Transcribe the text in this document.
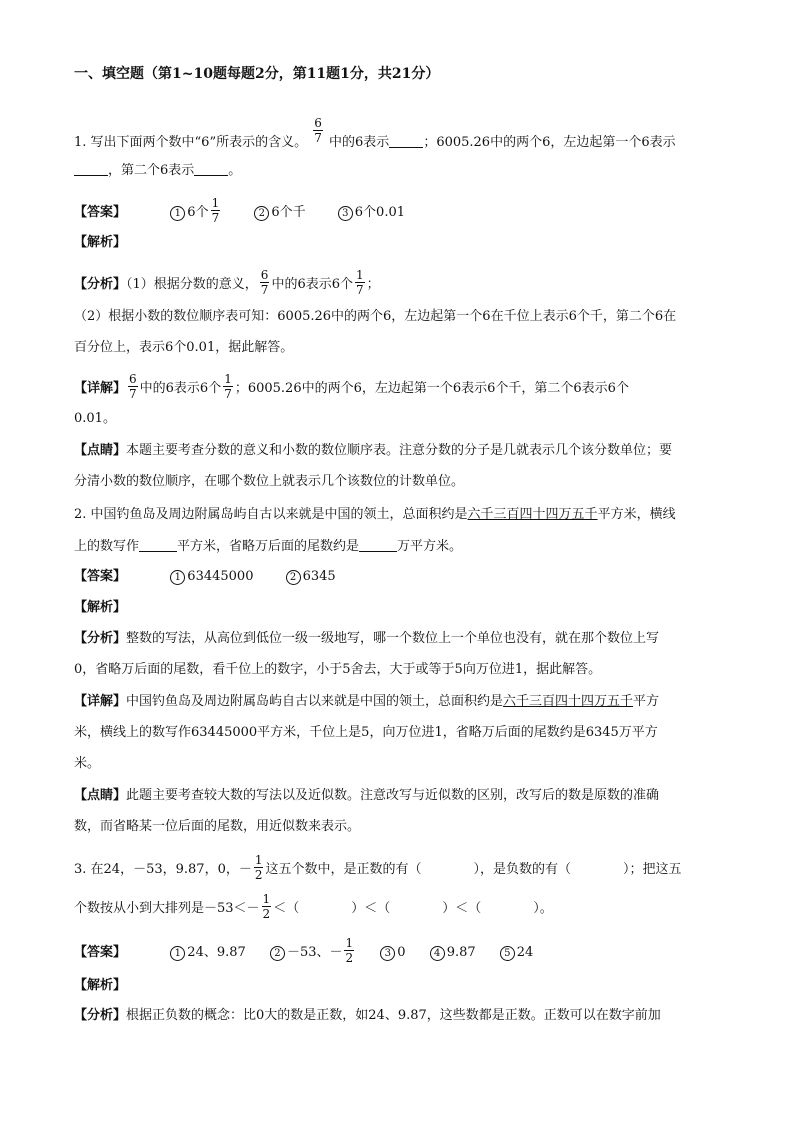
一、填空题（第1~10题每题2分，第11题1分，共21分）
1. 写出下面两个数中“6”所表示的含义。 $\frac{6}{7}$ 中的6表示	；6005.26中的两个6，左边起第一个6表示
，第二个6表示	。
【答案】	1 6个 $\frac{1}{7}$	2 6个千	3 6个0.01
【解析】
【分析】（1）根据分数的意义， $\frac{6}{7}$ 中的6表示6个 $\frac{1}{7}$ ；
（2）根据小数的数位顺序表可知：6005.26中的两个6，左边起第一个6在千位上表示6个千，第二个6在
百分位上，表示6个0.01，据此解答。
【详解】 $\frac{6}{7}$ 中的6表示6个 $\frac{1}{7}$ ；6005.26中的两个6，左边起第一个6表示6个千，第二个6表示6个
0.01。
【点睛】本题主要考查分数的意义和小数的数位顺序表。注意分数的分子是几就表示几个该分数单位；要
分清小数的数位顺序，在哪个数位上就表示几个该数位的计数单位。
2. 中国钓鱼岛及周边附属岛屿自古以来就是中国的领土，总面积约是六千三百四十四万五千平方米，横线
上的数写作	平方米，省略万后面的尾数约是	万平方米。
【答案】	1 63445000	2 6345
【解析】
【分析】整数的写法，从高位到低位一级一级地写，哪一个数位上一个单位也没有，就在那个数位上写
0，省略万后面的尾数，看千位上的数字，小于5舍去，大于或等于5向万位进1，据此解答。
【详解】中国钓鱼岛及周边附属岛屿自古以来就是中国的领土，总面积约是六千三百四十四万五千平方
米，横线上的数写作63445000平方米，千位上是5，向万位进1，省略万后面的尾数约是6345万平方
米。
【点睛】此题主要考查较大数的写法以及近似数。注意改写与近似数的区别，改写后的数是原数的准确
数，而省略某一位后面的尾数，用近似数来表示。
3. 在24，－53，9.87，0，－ $\frac{1}{2}$ 这五个数中，是正数的有（　　　　），是负数的有（　　　　）；把这五
个数按从小到大排列是$-53<- \frac{1}{2}$ ＜（　　　　）＜（　　　　）＜（　　　　）。
【答案】	1 24、9.87	2 －53、－ $\frac{1}{2}$	3 0	4 9.87	5 24
【解析】
【分析】根据正负数的概念：比0大的数是正数，如24、9.87，这些数都是正数。正数可以在数字前加
